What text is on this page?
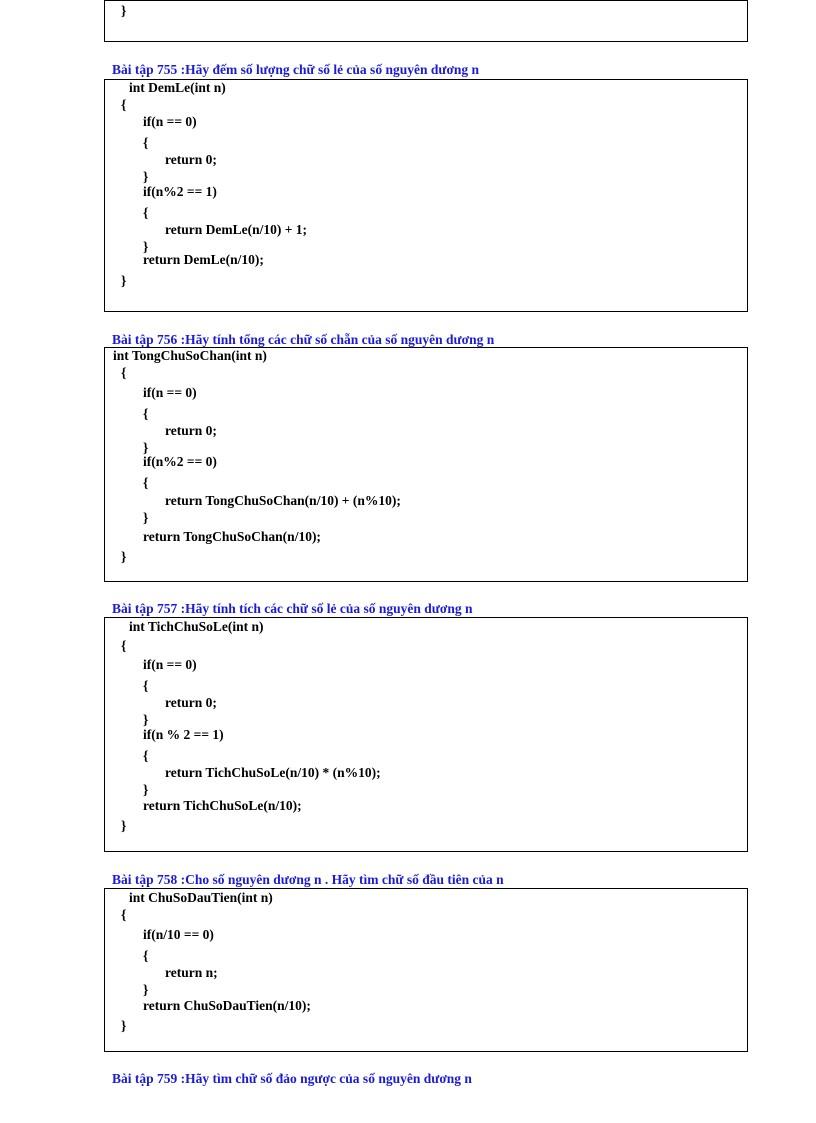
}
Bài tập 755 :Hãy đếm số lượng chữ số lẻ của số nguyên dương n
int DemLe(int n)
{
if(n == 0)
{
return 0;
}
if(n%2 == 1)
{
return DemLe(n/10) + 1;
}
return DemLe(n/10);
}
Bài tập 756 :Hãy tính tổng các chữ số chẵn của số nguyên dương n
int TongChuSoChan(int n)
{
if(n == 0)
{
return 0;
}
if(n%2 == 0)
{
return TongChuSoChan(n/10) + (n%10);
}
return TongChuSoChan(n/10);
}
Bài tập 757 :Hãy tính tích các chữ số lẻ của số nguyên dương n
int TichChuSoLe(int n)
{
if(n == 0)
{
return 0;
}
if(n % 2 == 1)
{
return TichChuSoLe(n/10) * (n%10);
}
return TichChuSoLe(n/10);
}
Bài tập 758 :Cho số nguyên dương n . Hãy tìm chữ số đầu tiên của n
int ChuSoDauTien(int n)
{
if(n/10 == 0)
{
return n;
}
return ChuSoDauTien(n/10);
}
Bài tập 759 :Hãy tìm chữ số đảo ngược của số nguyên dương n
